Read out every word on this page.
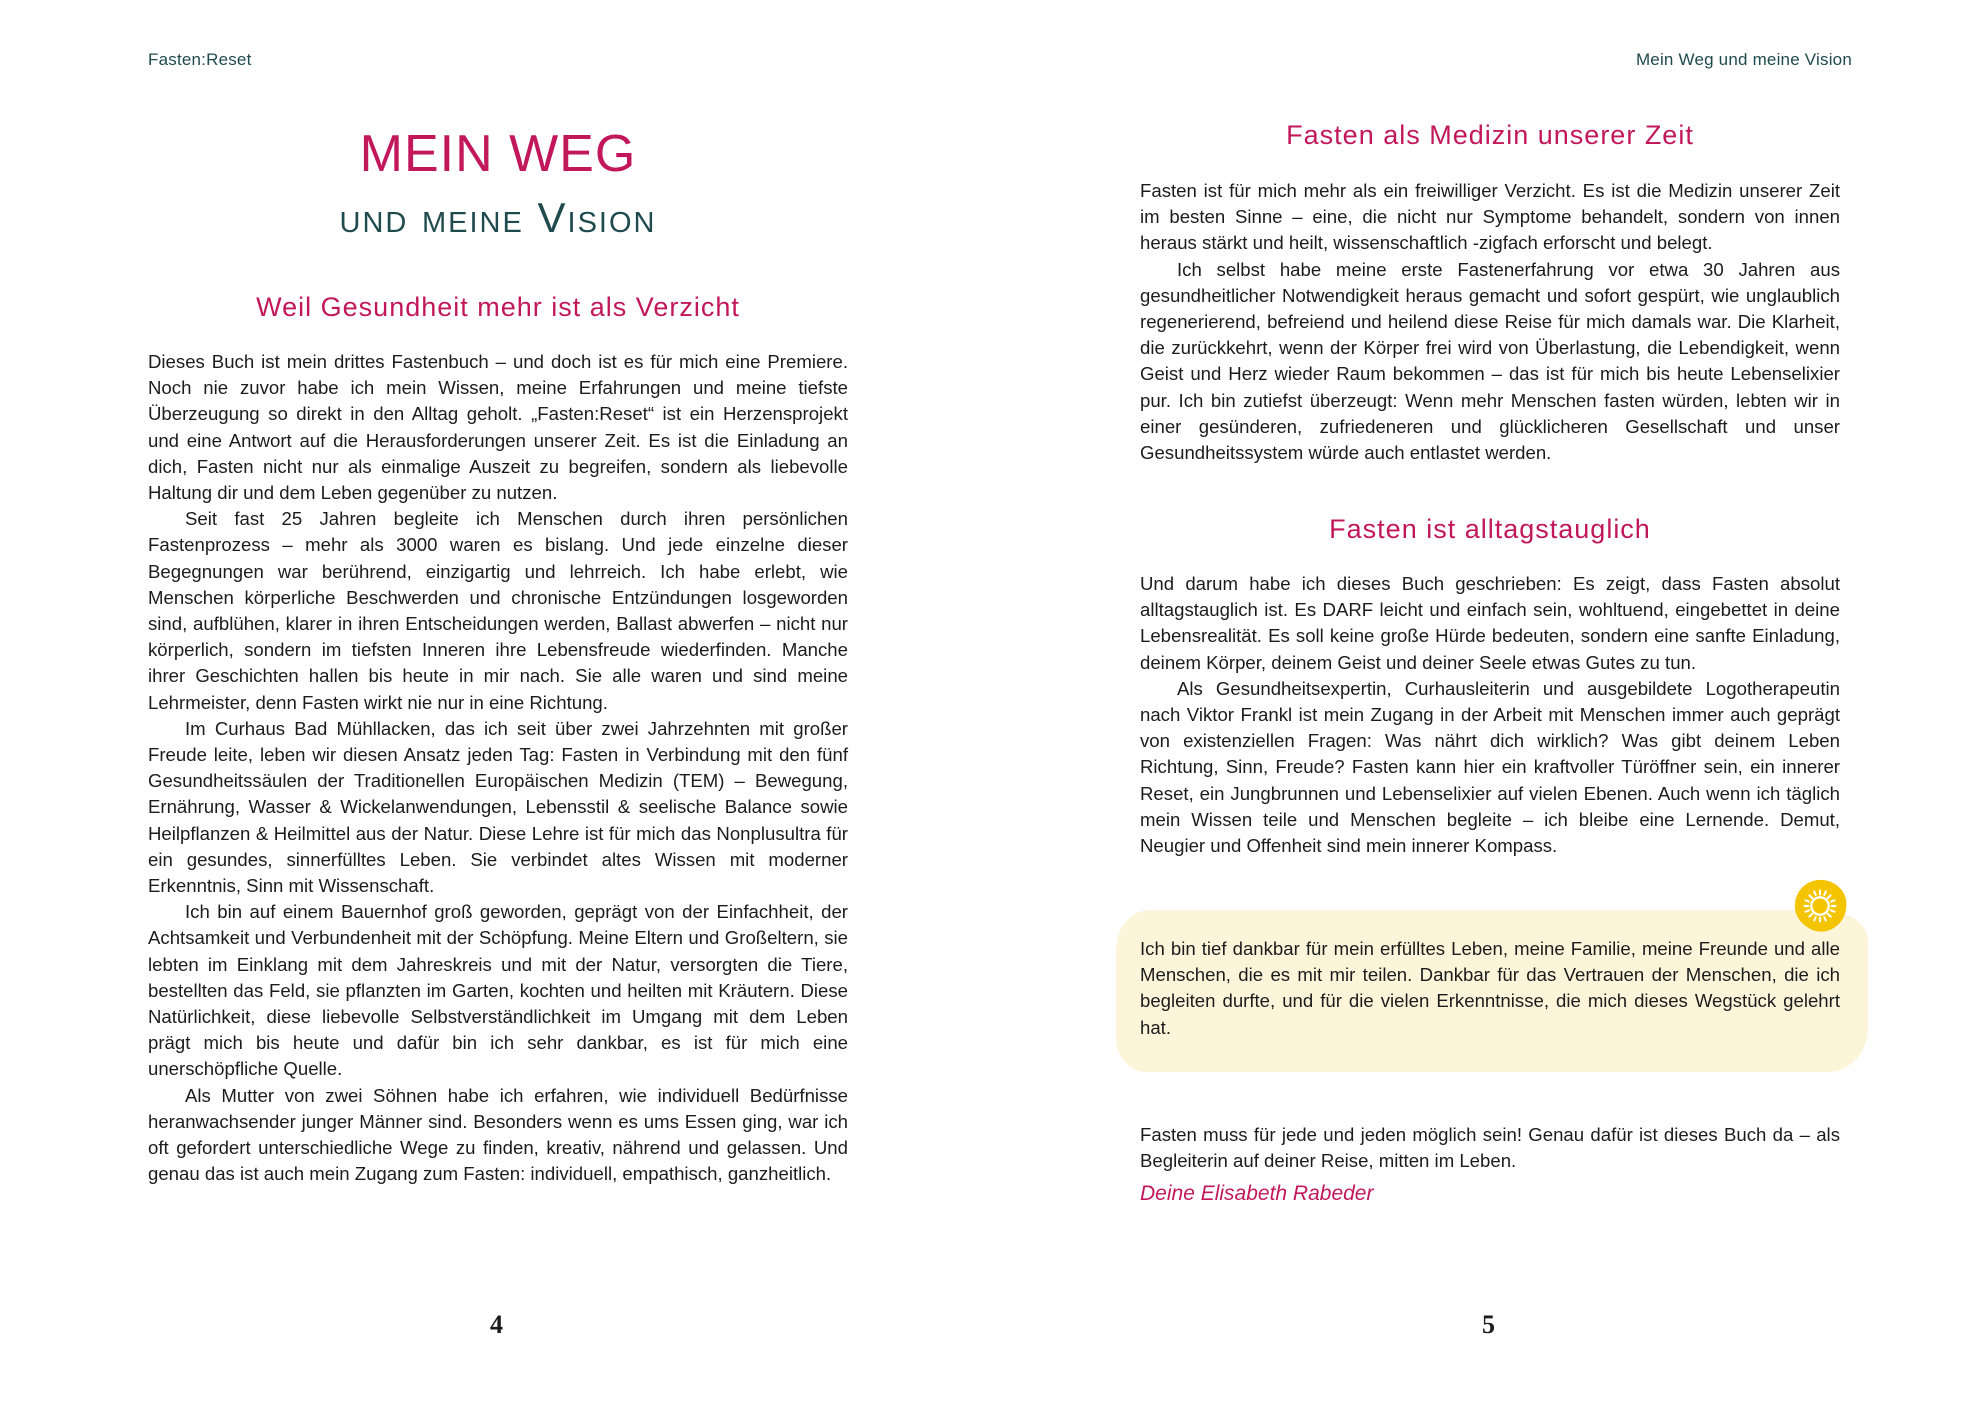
Fasten:Reset
MEIN WEG
und meine Vision
Weil Gesundheit mehr ist als Verzicht

Dieses Buch ist mein drittes Fastenbuch – und doch ist es für mich eine Premiere. Noch nie zuvor habe ich mein Wissen, meine Erfahrungen und meine tiefste Überzeugung so direkt in den Alltag geholt. „Fasten:Reset“ ist ein Herzensprojekt und eine Antwort auf die Herausforderungen unserer Zeit. Es ist die Einladung an dich, Fasten nicht nur als einmalige Auszeit zu begreifen, sondern als liebevolle Haltung dir und dem Leben gegenüber zu nutzen.

Seit fast 25 Jahren begleite ich Menschen durch ihren persönlichen Fastenprozess – mehr als 3000 waren es bislang. Und jede einzelne dieser Begegnungen war berührend, einzigartig und lehrreich. Ich habe erlebt, wie Menschen körperliche Beschwerden und chronische Entzündungen losgeworden sind, aufblühen, klarer in ihren Entscheidungen werden, Ballast abwerfen – nicht nur körperlich, sondern im tiefsten Inneren ihre Lebensfreude wiederfinden. Manche ihrer Geschichten hallen bis heute in mir nach. Sie alle waren und sind meine Lehrmeister, denn Fasten wirkt nie nur in eine Richtung.

Im Curhaus Bad Mühllacken, das ich seit über zwei Jahrzehnten mit großer Freude leite, leben wir diesen Ansatz jeden Tag: Fasten in Verbindung mit den fünf Gesundheitssäulen der Traditionellen Europäischen Medizin (TEM) – Bewegung, Ernährung, Wasser & Wickelanwendungen, Lebensstil & seelische Balance sowie Heilpflanzen & Heilmittel aus der Natur. Diese Lehre ist für mich das Nonplusultra für ein gesundes, sinnerfülltes Leben. Sie verbindet altes Wissen mit moderner Erkenntnis, Sinn mit Wissenschaft.

Ich bin auf einem Bauernhof groß geworden, geprägt von der Einfachheit, der Achtsamkeit und Verbundenheit mit der Schöpfung. Meine Eltern und Großeltern, sie lebten im Einklang mit dem Jahreskreis und mit der Natur, versorgten die Tiere, bestellten das Feld, sie pflanzten im Garten, kochten und heilten mit Kräutern. Diese Natürlichkeit, diese liebevolle Selbstverständlichkeit im Umgang mit dem Leben prägt mich bis heute und dafür bin ich sehr dankbar, es ist für mich eine unerschöpfliche Quelle.

Als Mutter von zwei Söhnen habe ich erfahren, wie individuell Bedürfnisse heranwachsender junger Männer sind. Besonders wenn es ums Essen ging, war ich oft gefordert unterschiedliche Wege zu finden, kreativ, nährend und gelassen. Und genau das ist auch mein Zugang zum Fasten: individuell, empathisch, ganzheitlich.

4
Mein Weg und meine Vision
Fasten als Medizin unserer Zeit

Fasten ist für mich mehr als ein freiwilliger Verzicht. Es ist die Medizin unserer Zeit im besten Sinne – eine, die nicht nur Symptome behandelt, sondern von innen heraus stärkt und heilt, wissenschaftlich -zigfach erforscht und belegt.

Ich selbst habe meine erste Fastenerfahrung vor etwa 30 Jahren aus gesundheitlicher Notwendigkeit heraus gemacht und sofort gespürt, wie unglaublich regenerierend, befreiend und heilend diese Reise für mich damals war. Die Klarheit, die zurückkehrt, wenn der Körper frei wird von Überlastung, die Lebendigkeit, wenn Geist und Herz wieder Raum bekommen – das ist für mich bis heute Lebenselixier pur. Ich bin zutiefst überzeugt: Wenn mehr Menschen fasten würden, lebten wir in einer gesünderen, zufriedeneren und glücklicheren Gesellschaft und unser Gesundheitssystem würde auch entlastet werden.

Fasten ist alltagstauglich

Und darum habe ich dieses Buch geschrieben: Es zeigt, dass Fasten absolut alltagstauglich ist. Es DARF leicht und einfach sein, wohltuend, eingebettet in deine Lebensrealität. Es soll keine große Hürde bedeuten, sondern eine sanfte Einladung, deinem Körper, deinem Geist und deiner Seele etwas Gutes zu tun.

Als Gesundheitsexpertin, Curhausleiterin und ausgebildete Logotherapeutin nach Viktor Frankl ist mein Zugang in der Arbeit mit Menschen immer auch geprägt von existenziellen Fragen: Was nährt dich wirklich? Was gibt deinem Leben Richtung, Sinn, Freude? Fasten kann hier ein kraftvoller Türöffner sein, ein innerer Reset, ein Jungbrunnen und Lebenselixier auf vielen Ebenen. Auch wenn ich täglich mein Wissen teile und Menschen begleite – ich bleibe eine Lernende. Demut, Neugier und Offenheit sind mein innerer Kompass.

Ich bin tief dankbar für mein erfülltes Leben, meine Familie, meine Freunde und alle Menschen, die es mit mir teilen. Dankbar für das Vertrauen der Menschen, die ich begleiten durfte, und für die vielen Erkenntnisse, die mich dieses Wegstück gelehrt hat.

Fasten muss für jede und jeden möglich sein! Genau dafür ist dieses Buch da – als Begleiterin auf deiner Reise, mitten im Leben.

Deine Elisabeth Rabeder
5
